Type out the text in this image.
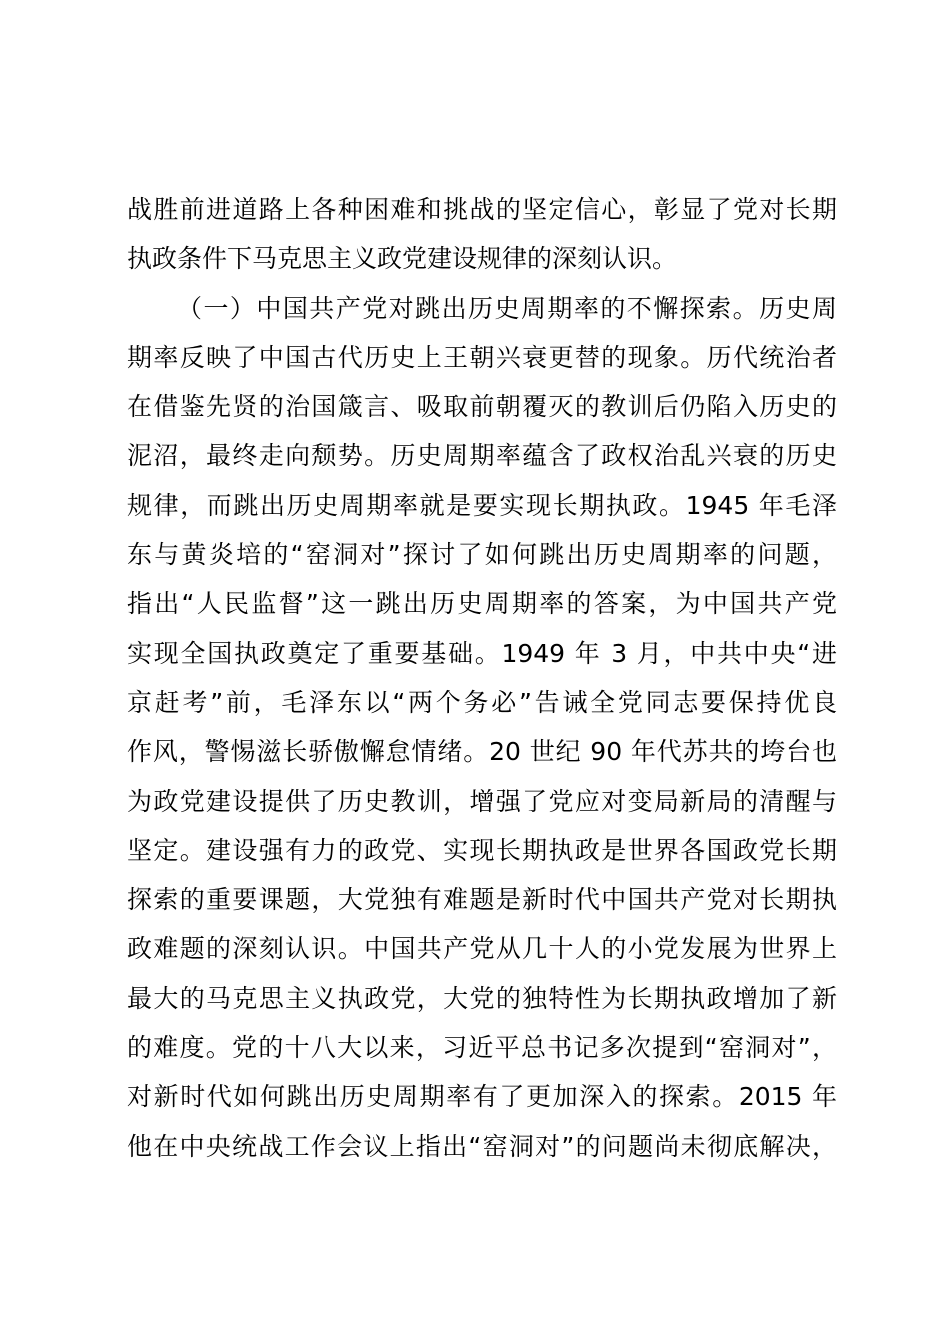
战胜前进道路上各种困难和挑战的坚定信心，彰显了党对长期
执政条件下马克思主义政党建设规律的深刻认识。
（一）中国共产党对跳出历史周期率的不懈探索。历史周
期率反映了中国古代历史上王朝兴衰更替的现象。历代统治者
在借鉴先贤的治国箴言、吸取前朝覆灭的教训后仍陷入历史的
泥沼，最终走向颓势。历史周期率蕴含了政权治乱兴衰的历史
规律，而跳出历史周期率就是要实现长期执政。1945 年毛泽
东与黄炎培的“窑洞对”探讨了如何跳出历史周期率的问题，
指出“人民监督”这一跳出历史周期率的答案，为中国共产党
实现全国执政奠定了重要基础。1949 年 3 月，中共中央“进
京赶考”前，毛泽东以“两个务必”告诫全党同志要保持优良
作风，警惕滋长骄傲懈怠情绪。20 世纪 90 年代苏共的垮台也
为政党建设提供了历史教训，增强了党应对变局新局的清醒与
坚定。建设强有力的政党、实现长期执政是世界各国政党长期
探索的重要课题，大党独有难题是新时代中国共产党对长期执
政难题的深刻认识。中国共产党从几十人的小党发展为世界上
最大的马克思主义执政党，大党的独特性为长期执政增加了新
的难度。党的十八大以来，习近平总书记多次提到“窑洞对”，
对新时代如何跳出历史周期率有了更加深入的探索。2015 年
他在中央统战工作会议上指出“窑洞对”的问题尚未彻底解决，
